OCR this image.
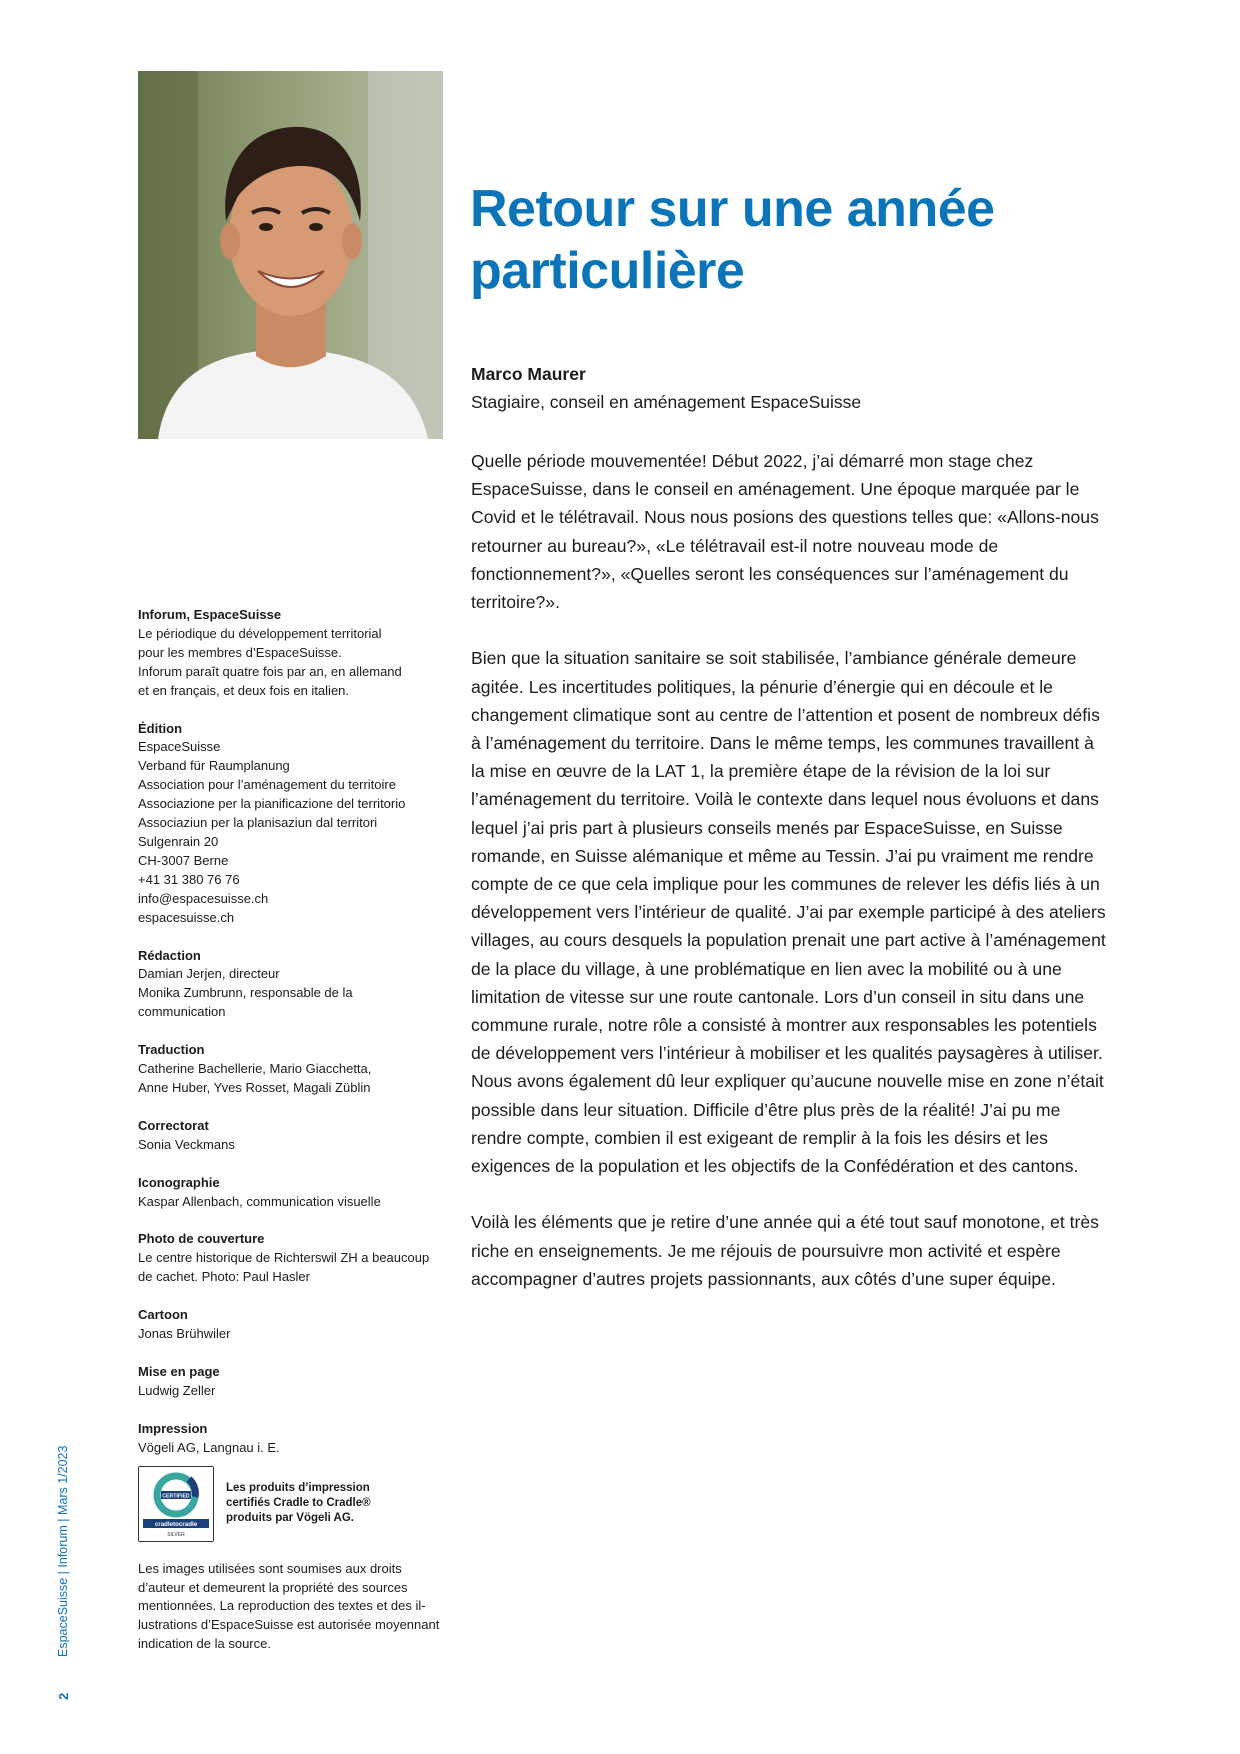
Retour sur une année particulière
Marco Maurer
Stagiaire, conseil en aménagement EspaceSuisse

Quelle période mouvementée! Début 2022, j’ai démarré mon stage chez EspaceSuisse, dans le conseil en aménagement. Une époque marquée par le Covid et le télétravail. Nous nous posions des questions telles que: «Allons-nous retourner au bureau?», «Le télétravail est-il notre nouveau mode de fonctionnement?», «Quelles seront les conséquences sur l’aménagement du territoire?».

Bien que la situation sanitaire se soit stabilisée, l’ambiance générale demeure agitée. Les incertitudes politiques, la pénurie d’énergie qui en découle et le changement climatique sont au centre de l’attention et posent de nombreux défis à l’aménagement du territoire. Dans le même temps, les communes travaillent à la mise en œuvre de la LAT 1, la première étape de la révision de la loi sur l’aménagement du territoire. Voilà le contexte dans lequel nous évoluons et dans lequel j’ai pris part à plusieurs conseils menés par EspaceSuisse, en Suisse romande, en Suisse alémanique et même au Tessin. J’ai pu vraiment me rendre compte de ce que cela implique pour les communes de relever les défis liés à un développement vers l’intérieur de qualité. J’ai par exemple participé à des ateliers villages, au cours desquels la population prenait une part active à l’aménagement de la place du village, à une problématique en lien avec la mobilité ou à une limitation de vitesse sur une route cantonale. Lors d’un conseil in situ dans une commune rurale, notre rôle a consisté à montrer aux responsables les potentiels de développement vers l’intérieur à mobiliser et les qualités paysagères à utiliser. Nous avons également dû leur expliquer qu’aucune nouvelle mise en zone n’était possible dans leur situation. Difficile d’être plus près de la réalité! J’ai pu me rendre compte, combien il est exigeant de remplir à la fois les désirs et les exigences de la population et les objectifs de la Confédération et des cantons.

Voilà les éléments que je retire d’une année qui a été tout sauf monotone, et très riche en enseignements. Je me réjouis de poursuivre mon activité et espère accompagner d’autres projets passionnants, aux côtés d’une super équipe.

Inforum, EspaceSuisse
Le périodique du développement territorial
pour les membres d’EspaceSuisse.
Inforum paraît quatre fois par an, en allemand
et en français, et deux fois en italien.
Édition
EspaceSuisse
Verband für Raumplanung
Association pour l’aménagement du territoire
Associazione per la pianificazione del territorio
Associaziun per la planisaziun dal territori
Sulgenrain 20
CH-3007 Berne
+41 31 380 76 76
info@espacesuisse.ch
espacesuisse.ch
Rédaction
Damian Jerjen, directeur
Monika Zumbrunn, responsable de la
communication
Traduction
Catherine Bachellerie, Mario Giacchetta,
Anne Huber, Yves Rosset, Magali Züblin
Correctorat
Sonia Veckmans
Iconographie
Kaspar Allenbach, communication visuelle
Photo de couverture
Le centre historique de Richterswil ZH a beaucoup
de cachet. Photo: Paul Hasler
Cartoon
Jonas Brühwiler
Mise en page
Ludwig Zeller
Impression
Vögeli AG, Langnau i. E.
CERTIFIED
cradletocradle
SILVER
Les produits d’impression
certifiés Cradle to Cradle®
produits par Vögeli AG.
Les images utilisées sont soumises aux droits
d’auteur et demeurent la propriété des sources
mentionnées. La reproduction des textes et des il-
lustrations d’EspaceSuisse est autorisée moyennant
indication de la source.
EspaceSuisse | Inforum | Mars 1/2023
2
